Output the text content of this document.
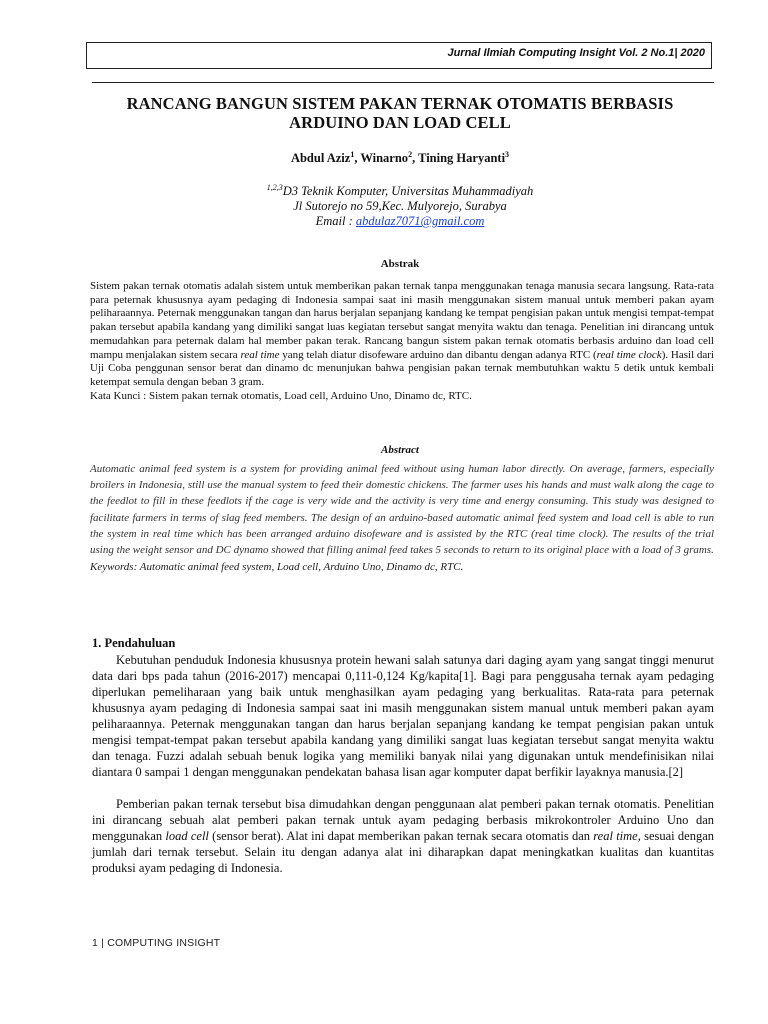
Jurnal Ilmiah Computing Insight Vol. 2 No.1| 2020
RANCANG BANGUN SISTEM PAKAN TERNAK OTOMATIS BERBASIS
ARDUINO DAN LOAD CELL
Abdul Aziz$^1$, Winarno$^2$, Tining Haryanti$^3$
$^{1,2,3}$D3 Teknik Komputer, Universitas Muhammadiyah
Jl Sutorejo no 59,Kec. Mulyorejo, Surabya
Email : abdulaz7071@gmail.com
Abstrak

Sistem pakan ternak otomatis adalah sistem untuk memberikan pakan ternak tanpa menggunakan tenaga manusia secara langsung. Rata-rata para peternak khususnya ayam pedaging di Indonesia sampai saat ini masih menggunakan sistem manual untuk memberi pakan ayam peliharaannya. Peternak menggunakan tangan dan harus berjalan sepanjang kandang ke tempat pengisian pakan untuk mengisi tempat-tempat pakan tersebut apabila kandang yang dimiliki sangat luas kegiatan tersebut sangat menyita waktu dan tenaga. Penelitian ini dirancang untuk memudahkan para peternak dalam hal member pakan terak. Rancang bangun sistem pakan ternak otomatis berbasis arduino dan load cell mampu menjalakan sistem secara real time yang telah diatur disofeware arduino dan dibantu dengan adanya RTC (real time clock). Hasil dari Uji Coba penggunan sensor berat dan dinamo dc menunjukan bahwa pengisian pakan ternak membutuhkan waktu 5 detik untuk kembali ketempat semula dengan beban 3 gram.

Kata Kunci : Sistem pakan ternak otomatis, Load cell, Arduino Uno, Dinamo dc, RTC.

Abstract

Automatic animal feed system is a system for providing animal feed without using human labor directly. On average, farmers, especially broilers in Indonesia, still use the manual system to feed their domestic chickens. The farmer uses his hands and must walk along the cage to the feedlot to fill in these feedlots if the cage is very wide and the activity is very time and energy consuming. This study was designed to facilitate farmers in terms of slag feed members. The design of an arduino-based automatic animal feed system and load cell is able to run the system in real time which has been arranged arduino disofeware and is assisted by the RTC (real time clock). The results of the trial using the weight sensor and DC dynamo showed that filling animal feed takes 5 seconds to return to its original place with a load of 3 grams.

Keywords: Automatic animal feed system, Load cell, Arduino Uno, Dinamo dc, RTC.

1. Pendahuluan

Kebutuhan penduduk Indonesia khususnya protein hewani salah satunya dari daging ayam yang sangat tinggi menurut data dari bps pada tahun (2016-2017) mencapai 0,111-0,124 Kg/kapita[1]. Bagi para penggusaha ternak ayam pedaging diperlukan pemeliharaan yang baik untuk menghasilkan ayam pedaging yang berkualitas. Rata-rata para peternak khususnya ayam pedaging di Indonesia sampai saat ini masih menggunakan sistem manual untuk memberi pakan ayam peliharaannya. Peternak menggunakan tangan dan harus berjalan sepanjang kandang ke tempat pengisian pakan untuk mengisi tempat-tempat pakan tersebut apabila kandang yang dimiliki sangat luas kegiatan tersebut sangat menyita waktu dan tenaga. Fuzzi adalah sebuah benuk logika yang memiliki banyak nilai yang digunakan untuk mendefinisikan nilai diantara 0 sampai 1 dengan menggunakan pendekatan bahasa lisan agar komputer dapat berfikir layaknya manusia.[2]

Pemberian pakan ternak tersebut bisa dimudahkan dengan penggunaan alat pemberi pakan ternak otomatis. Penelitian ini dirancang sebuah alat pemberi pakan ternak untuk ayam pedaging berbasis mikrokontroler Arduino Uno dan menggunakan load cell (sensor berat). Alat ini dapat memberikan pakan ternak secara otomatis dan real time, sesuai dengan jumlah dari ternak tersebut. Selain itu dengan adanya alat ini diharapkan dapat meningkatkan kualitas dan kuantitas produksi ayam pedaging di Indonesia.

1 | COMPUTING INSIGHT
